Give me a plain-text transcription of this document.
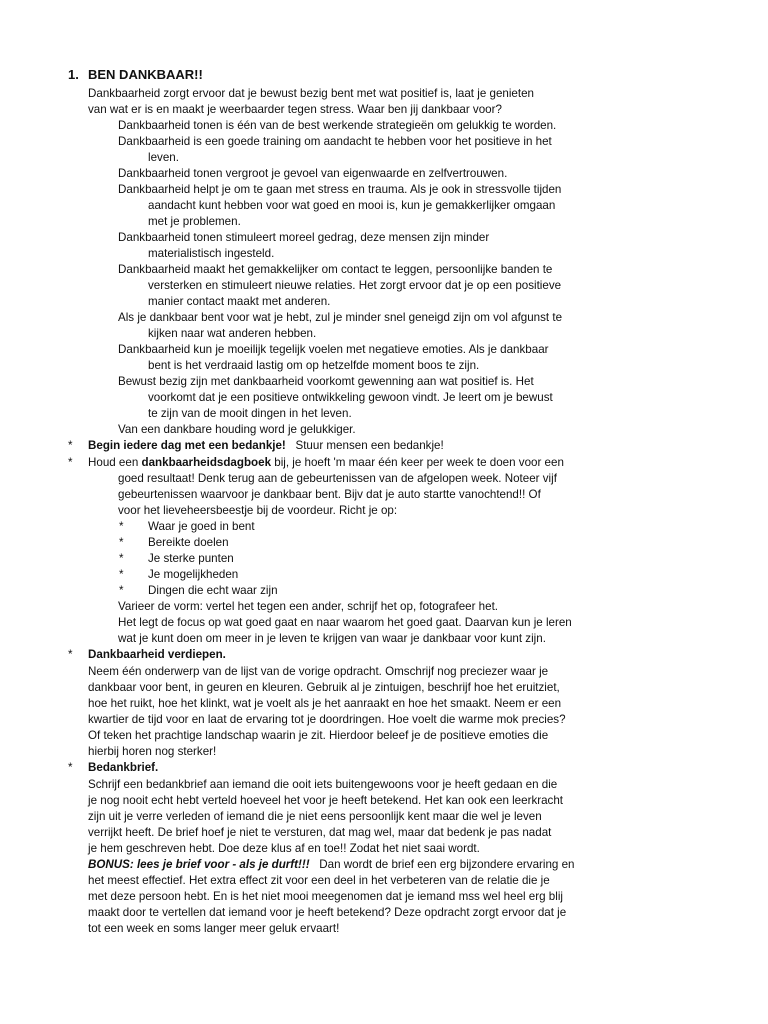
1. BEN DANKBAAR!!
Dankbaarheid zorgt ervoor dat je bewust bezig bent met wat positief is, laat je genieten
van wat er is en maakt je weerbaarder tegen stress. Waar ben jij dankbaar voor?
Dankbaarheid tonen is één van de best werkende strategieën om gelukkig te worden.
Dankbaarheid is een goede training om aandacht te hebben voor het positieve in het
leven.
Dankbaarheid tonen vergroot je gevoel van eigenwaarde en zelfvertrouwen.
Dankbaarheid helpt je om te gaan met stress en trauma. Als je ook in stressvolle tijden
aandacht kunt hebben voor wat goed en mooi is, kun je gemakkerlijker omgaan
met je problemen.
Dankbaarheid tonen stimuleert moreel gedrag, deze mensen zijn minder
materialistisch ingesteld.
Dankbaarheid maakt het gemakkelijker om contact te leggen, persoonlijke banden te
versterken en stimuleert nieuwe relaties. Het zorgt ervoor dat je op een positieve
manier contact maakt met anderen.
Als je dankbaar bent voor wat je hebt, zul je minder snel geneigd zijn om vol afgunst te
kijken naar wat anderen hebben.
Dankbaarheid kun je moeilijk tegelijk voelen met negatieve emoties. Als je dankbaar
bent is het verdraaid lastig om op hetzelfde moment boos te zijn.
Bewust bezig zijn met dankbaarheid voorkomt gewenning aan wat positief is. Het
voorkomt dat je een positieve ontwikkeling gewoon vindt. Je leert om je bewust
te zijn van de mooit dingen in het leven.
Van een dankbare houding word je gelukkiger.
* Begin iedere dag met een bedankje! Stuur mensen een bedankje!
* Houd een dankbaarheidsdagboek bij, je hoeft 'm maar één keer per week te doen voor een
goed resultaat! Denk terug aan de gebeurtenissen van de afgelopen week. Noteer vijf
gebeurtenissen waarvoor je dankbaar bent. Bijv dat je auto startte vanochtend!! Of
voor het lieveheersbeestje bij de voordeur. Richt je op:
* Waar je goed in bent
* Bereikte doelen
* Je sterke punten
* Je mogelijkheden
* Dingen die echt waar zijn
Varieer de vorm: vertel het tegen een ander, schrijf het op, fotografeer het.
Het legt de focus op wat goed gaat en naar waarom het goed gaat. Daarvan kun je leren
wat je kunt doen om meer in je leven te krijgen van waar je dankbaar voor kunt zijn.
* Dankbaarheid verdiepen.
Neem één onderwerp van de lijst van de vorige opdracht. Omschrijf nog preciezer waar je
dankbaar voor bent, in geuren en kleuren. Gebruik al je zintuigen, beschrijf hoe het eruitziet,
hoe het ruikt, hoe het klinkt, wat je voelt als je het aanraakt en hoe het smaakt. Neem er een
kwartier de tijd voor en laat de ervaring tot je doordringen. Hoe voelt die warme mok precies?
Of teken het prachtige landschap waarin je zit. Hierdoor beleef je de positieve emoties die
hierbij horen nog sterker!
* Bedankbrief.
Schrijf een bedankbrief aan iemand die ooit iets buitengewoons voor je heeft gedaan en die
je nog nooit echt hebt verteld hoeveel het voor je heeft betekend. Het kan ook een leerkracht
zijn uit je verre verleden of iemand die je niet eens persoonlijk kent maar die wel je leven
verrijkt heeft. De brief hoef je niet te versturen, dat mag wel, maar dat bedenk je pas nadat
je hem geschreven hebt. Doe deze klus af en toe!! Zodat het niet saai wordt.
BONUS: lees je brief voor - als je durft!!!   Dan wordt de brief een erg bijzondere ervaring en
het meest effectief. Het extra effect zit voor een deel in het verbeteren van de relatie die je
met deze persoon hebt. En is het niet mooi meegenomen dat je iemand mss wel heel erg blij
maakt door te vertellen dat iemand voor je heeft betekend? Deze opdracht zorgt ervoor dat je
tot een week en soms langer meer geluk ervaart!
